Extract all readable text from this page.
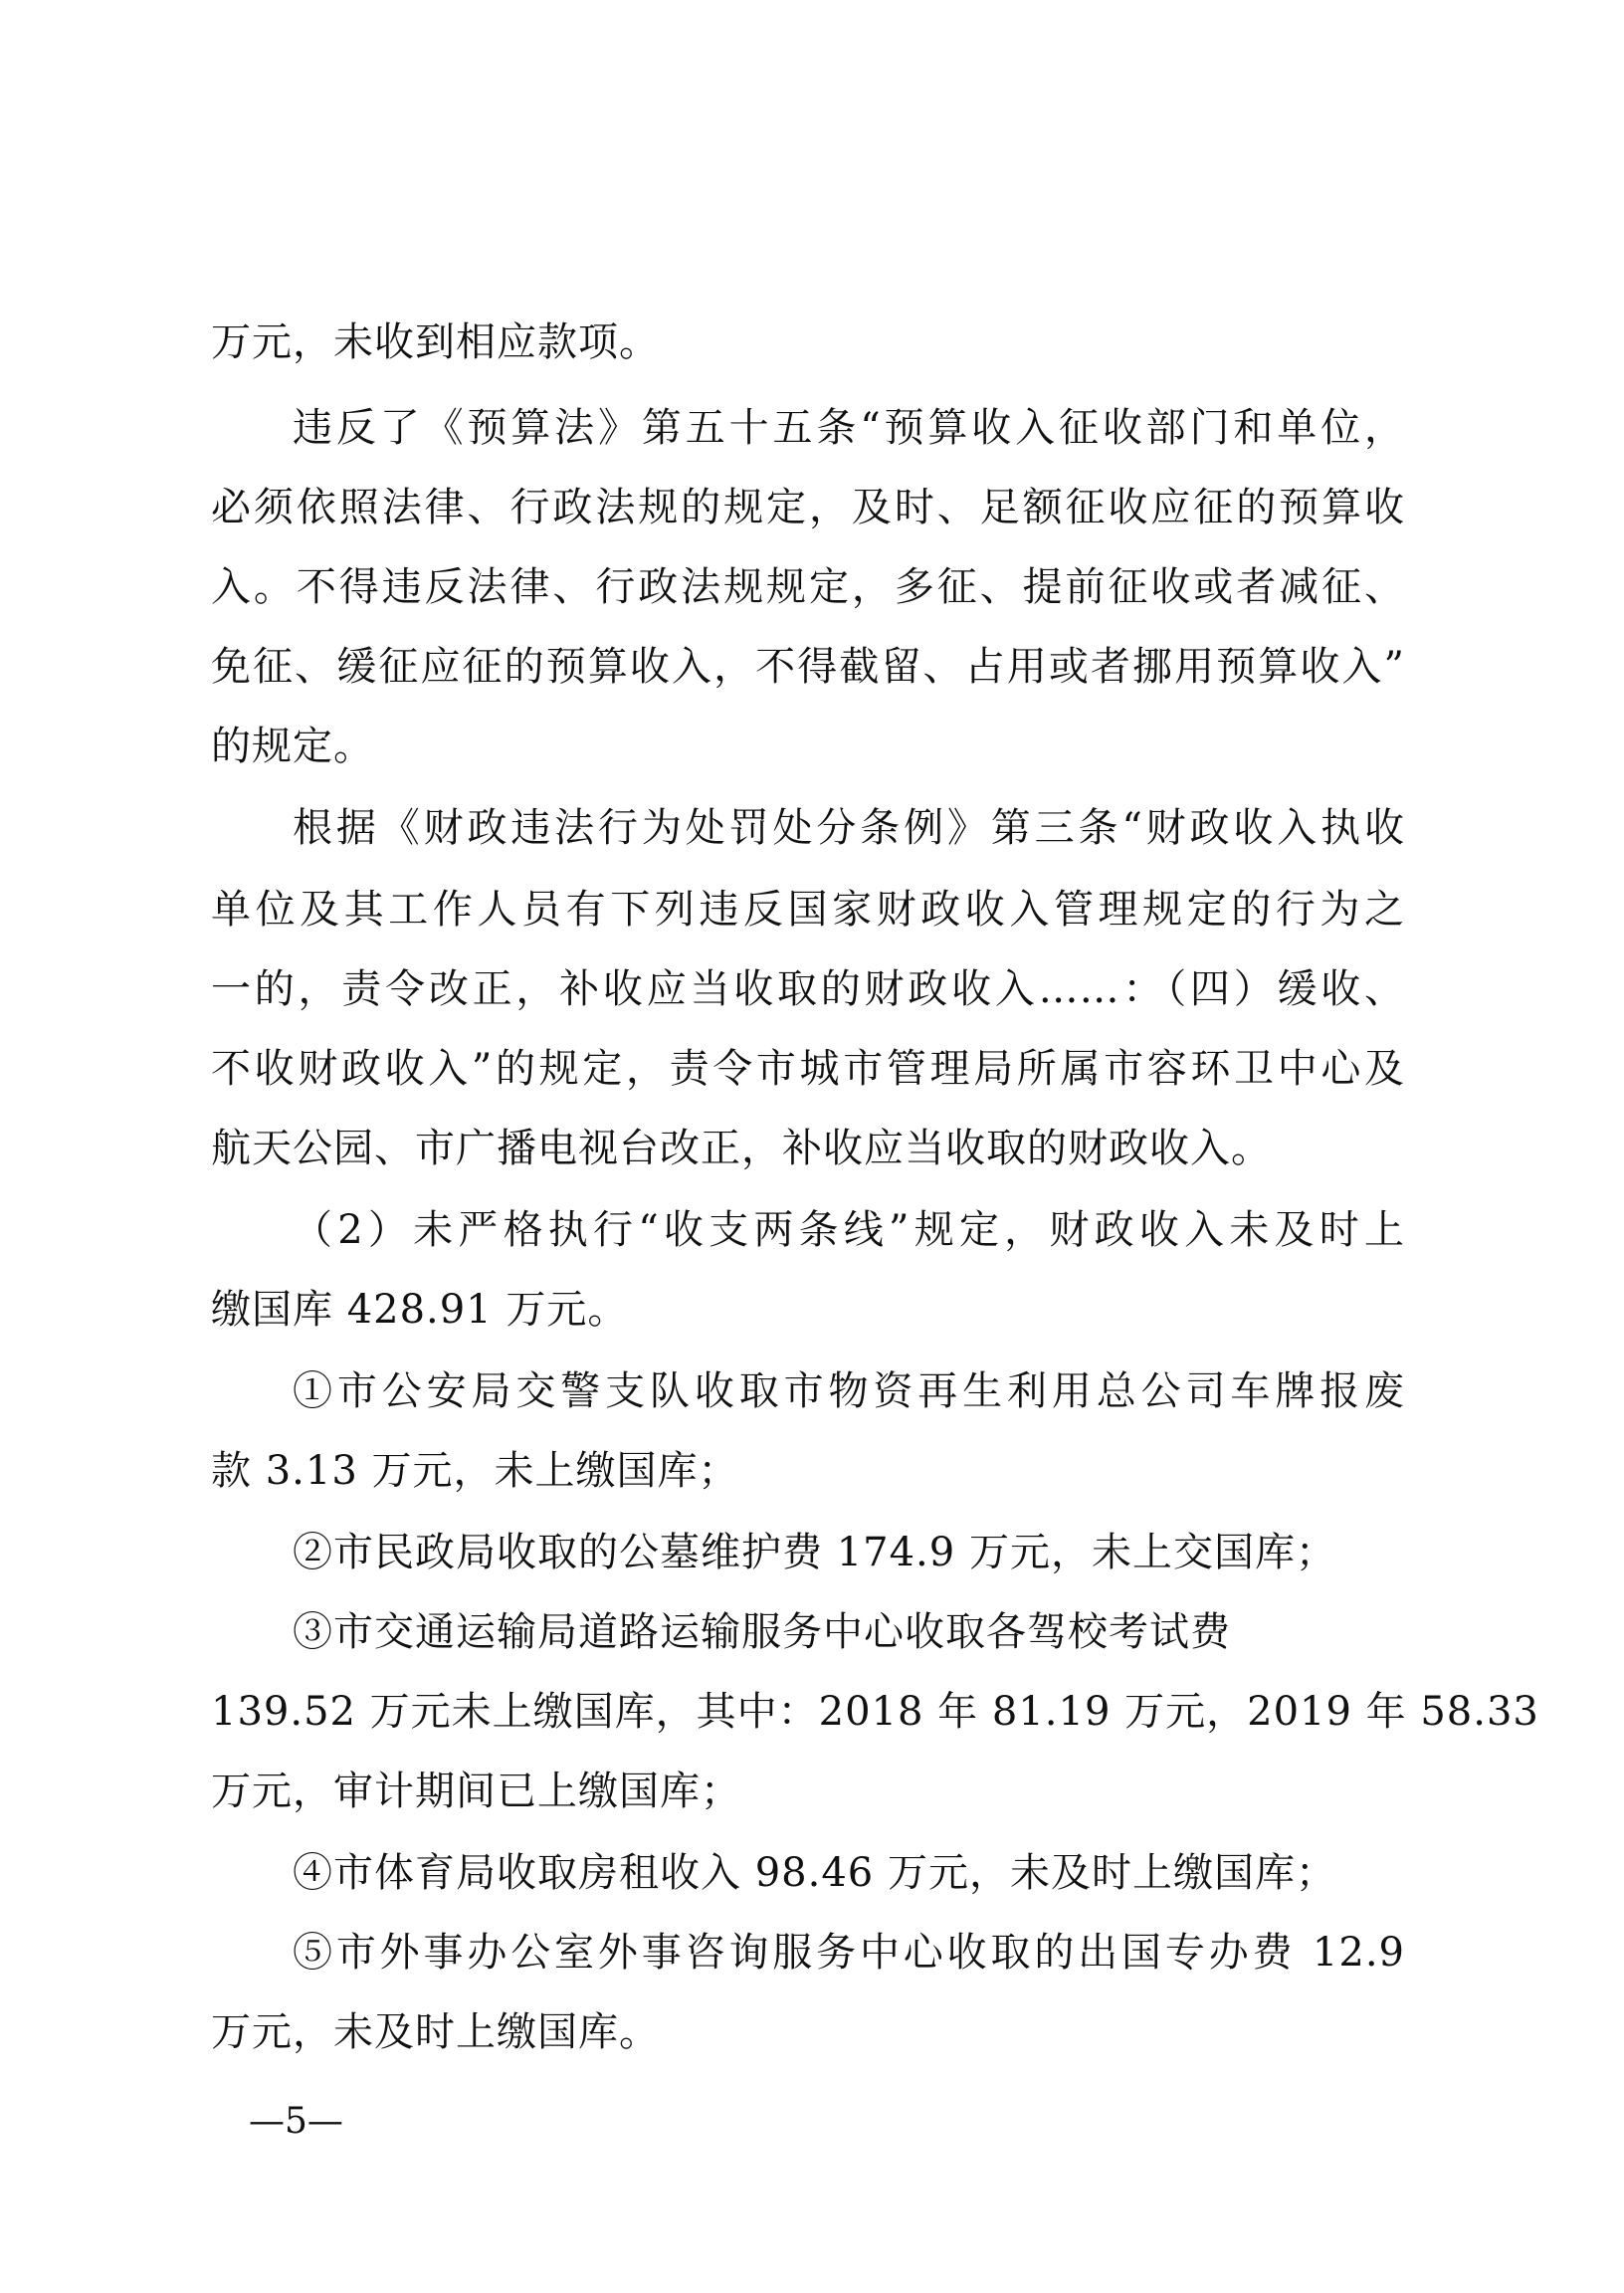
万元，未收到相应款项。
违反了《预算法》第五十五条“预算收入征收部门和单位，
必须依照法律、行政法规的规定，及时、足额征收应征的预算收
入。不得违反法律、行政法规规定，多征、提前征收或者减征、
免征、缓征应征的预算收入，不得截留、占用或者挪用预算收入”
的规定。
根据《财政违法行为处罚处分条例》第三条“财政收入执收
单位及其工作人员有下列违反国家财政收入管理规定的行为之
一的，责令改正，补收应当收取的财政收入……：（四）缓收、
不收财政收入”的规定，责令市城市管理局所属市容环卫中心及
航天公园、市广播电视台改正，补收应当收取的财政收入。
（2）未严格执行“收支两条线”规定，财政收入未及时上
缴国库 428.91 万元。
①市公安局交警支队收取市物资再生利用总公司车牌报废
款 3.13 万元，未上缴国库；
②市民政局收取的公墓维护费 174.9 万元，未上交国库；
③市交通运输局道路运输服务中心收取各驾校考试费
139.52 万元未上缴国库，其中：2018 年 81.19 万元，2019 年 58.33
万元，审计期间已上缴国库；
④市体育局收取房租收入 98.46 万元，未及时上缴国库；
⑤市外事办公室外事咨询服务中心收取的出国专办费 12.9
万元，未及时上缴国库。
—5—
